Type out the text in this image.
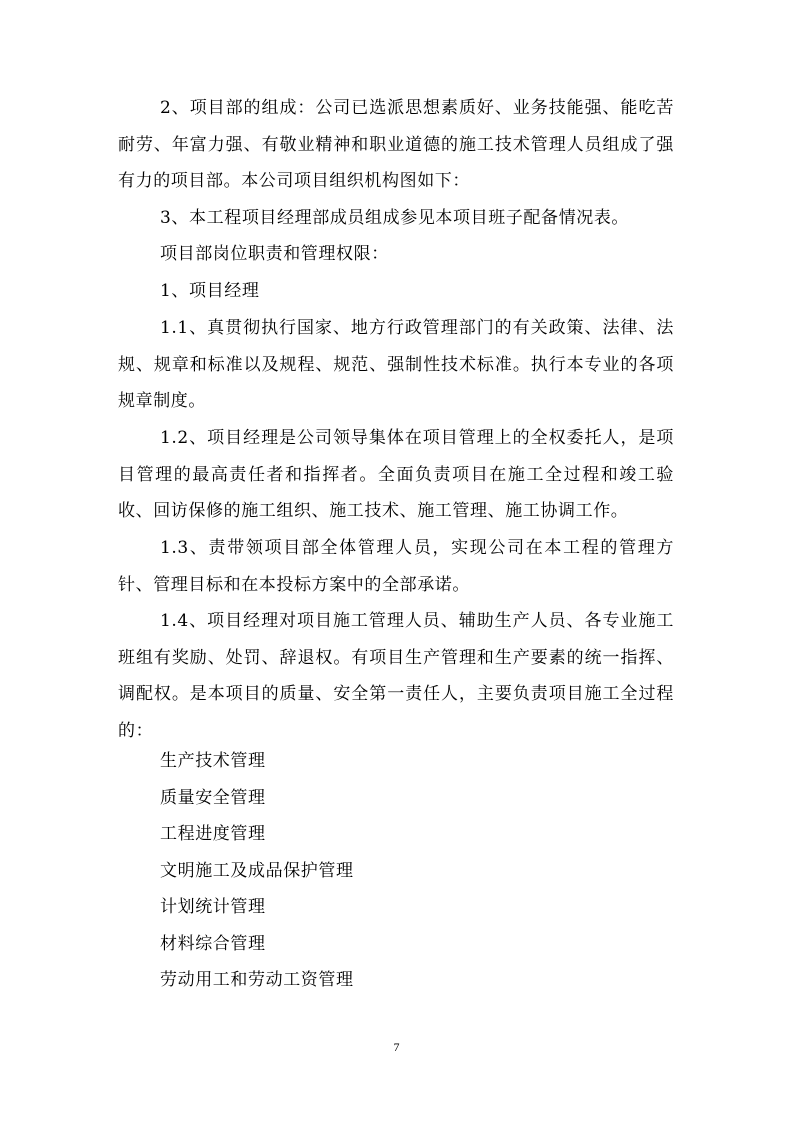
2、项目部的组成：公司已选派思想素质好、业务技能强、能吃苦耐劳、年富力强、有敬业精神和职业道德的施工技术管理人员组成了强有力的项目部。本公司项目组织机构图如下：

3、本工程项目经理部成员组成参见本项目班子配备情况表。

项目部岗位职责和管理权限：

1、项目经理

1.1、真贯彻执行国家、地方行政管理部门的有关政策、法律、法规、规章和标准以及规程、规范、强制性技术标准。执行本专业的各项规章制度。

1.2、项目经理是公司领导集体在项目管理上的全权委托人，是项目管理的最高责任者和指挥者。全面负责项目在施工全过程和竣工验收、回访保修的施工组织、施工技术、施工管理、施工协调工作。

1.3、责带领项目部全体管理人员，实现公司在本工程的管理方针、管理目标和在本投标方案中的全部承诺。

1.4、项目经理对项目施工管理人员、辅助生产人员、各专业施工班组有奖励、处罚、辞退权。有项目生产管理和生产要素的统一指挥、调配权。是本项目的质量、安全第一责任人，主要负责项目施工全过程的：

生产技术管理

质量安全管理

工程进度管理

文明施工及成品保护管理

计划统计管理

材料综合管理

劳动用工和劳动工资管理

7
